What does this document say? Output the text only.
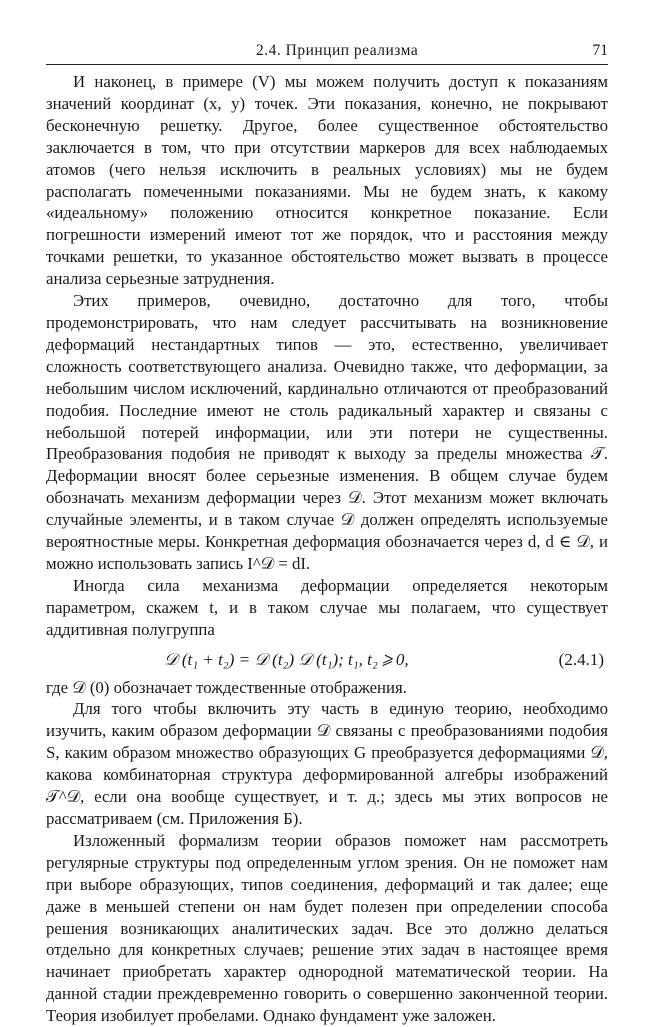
2.4. Принцип реализма	71

И наконец, в примере (V) мы можем получить доступ к показаниям значений координат (x, y) точек. Эти показания, конечно, не покрывают бесконечную решетку. Другое, более существенное обстоятельство заключается в том, что при отсутствии маркеров для всех наблюдаемых атомов (чего нельзя исключить в реальных условиях) мы не будем располагать помеченными показаниями. Мы не будем знать, к какому «идеальному» положению относится конкретное показание. Если погрешности измерений имеют тот же порядок, что и расстояния между точками решетки, то указанное обстоятельство может вызвать в процессе анализа серьезные затруднения.

Этих примеров, очевидно, достаточно для того, чтобы продемонстрировать, что нам следует рассчитывать на возникновение деформаций нестандартных типов — это, естественно, увеличивает сложность соответствующего анализа. Очевидно также, что деформации, за небольшим числом исключений, кардинально отличаются от преобразований подобия. Последние имеют не столь радикальный характер и связаны с небольшой потерей информации, или эти потери не существенны. Преобразования подобия не приводят к выходу за пределы множества 𝒯. Деформации вносят более серьезные изменения. В общем случае будем обозначать механизм деформации через 𝒟. Этот механизм может включать случайные элементы, и в таком случае 𝒟 должен определять используемые вероятностные меры. Конкретная деформация обозначается через d, d ∈ 𝒟, и можно использовать запись I^𝒟 = dI.

Иногда сила механизма деформации определяется некоторым параметром, скажем t, и в таком случае мы полагаем, что существует аддитивная полугруппа

𝒟 (t₁ + t₂) = 𝒟 (t₂) 𝒟 (t₁); t₁, t₂ ⩾ 0,	(2.4.1)

где 𝒟 (0) обозначает тождественные отображения.

Для того чтобы включить эту часть в единую теорию, необходимо изучить, каким образом деформации 𝒟 связаны с преобразованиями подобия S, каким образом множество образующих G преобразуется деформациями 𝒟, какова комбинаторная структура деформированной алгебры изображений 𝒯^𝒟, если она вообще существует, и т. д.; здесь мы этих вопросов не рассматриваем (см. Приложения Б).

Изложенный формализм теории образов поможет нам рассмотреть регулярные структуры под определенным углом зрения. Он не поможет нам при выборе образующих, типов соединения, деформаций и так далее; еще даже в меньшей степени он нам будет полезен при определении способа решения возникающих аналитических задач. Все это должно делаться отдельно для конкретных случаев; решение этих задач в настоящее время начинает приобретать характер однородной математической теории. На данной стадии преждевременно говорить о совершенно законченной теории. Теория изобилует пробелами. Однако фундамент уже заложен.
